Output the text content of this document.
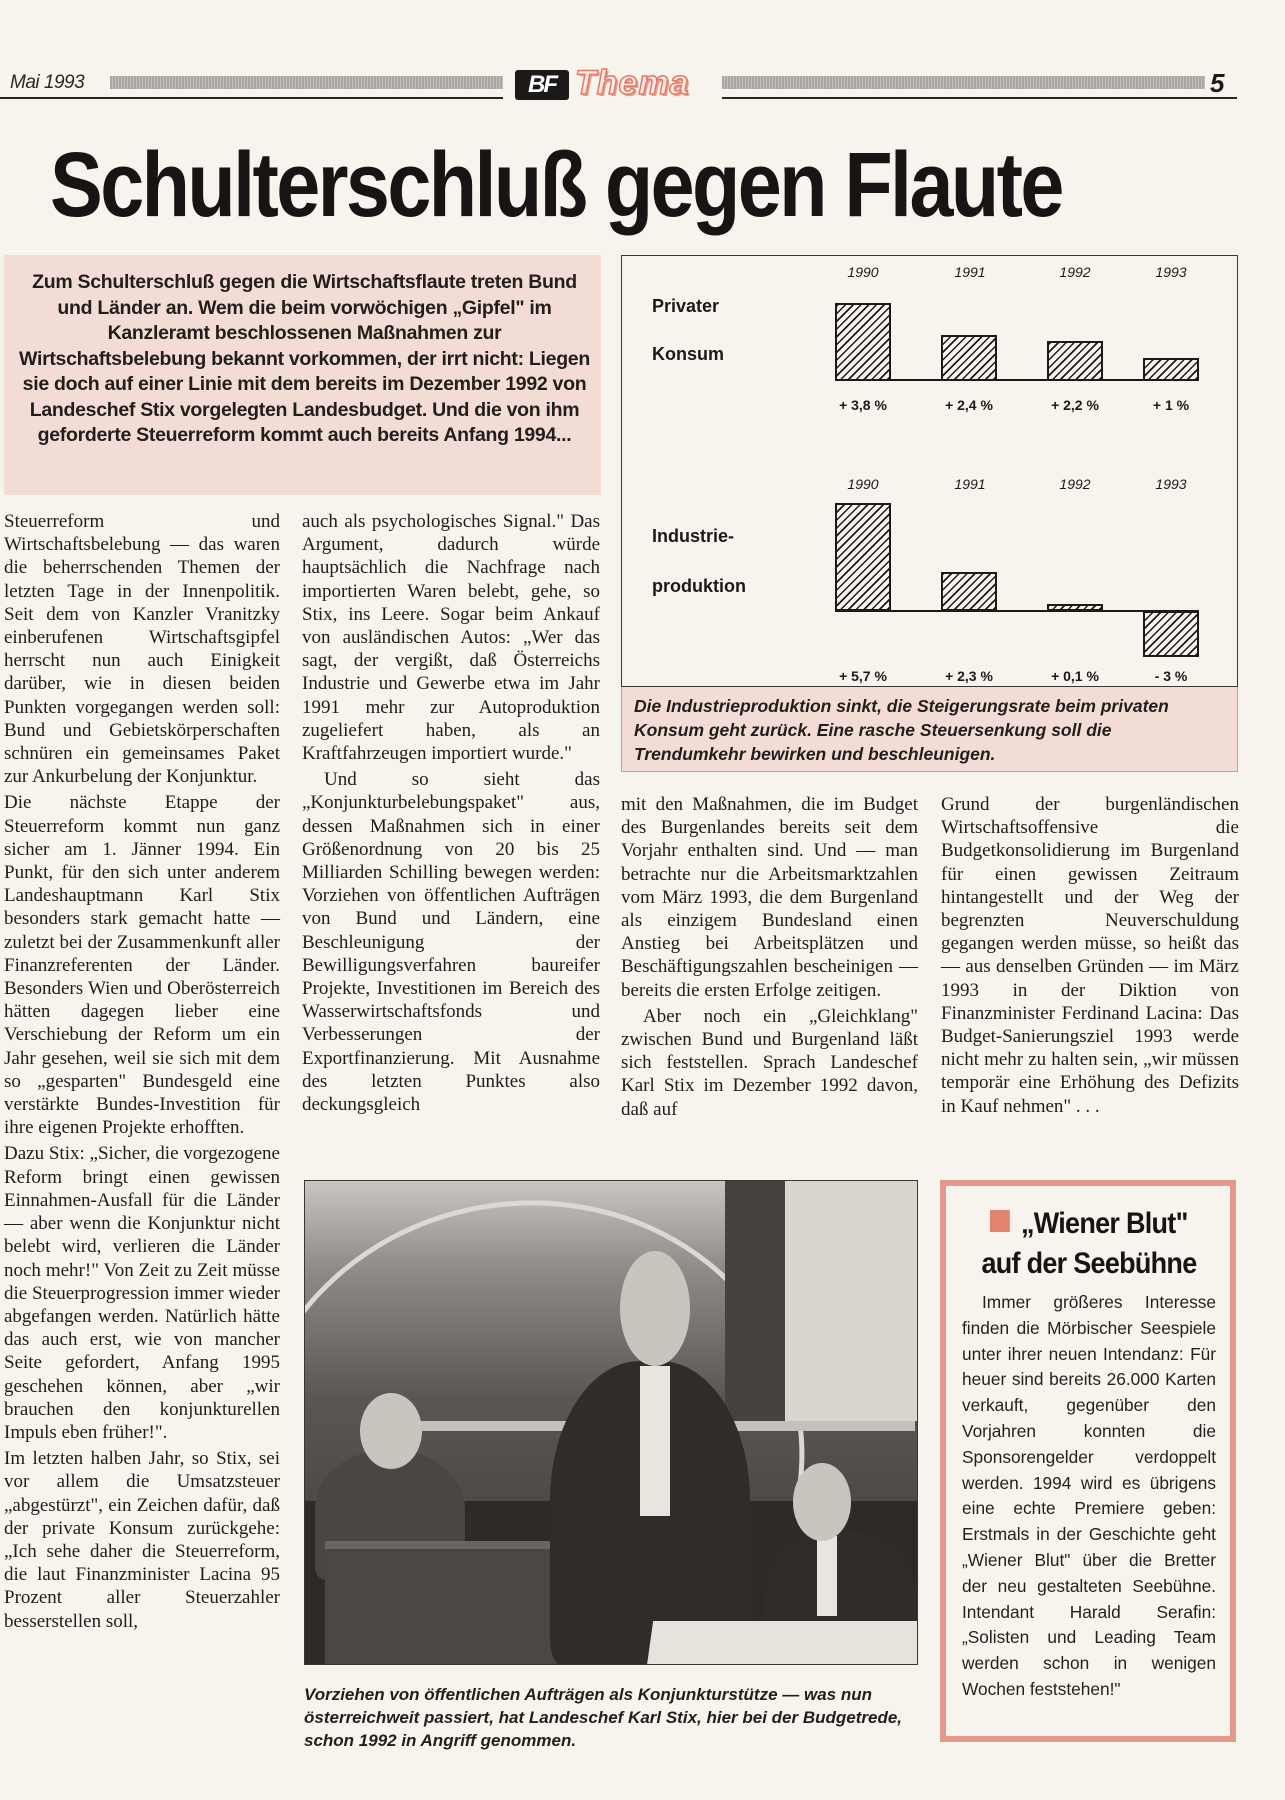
Mai 1993	BF Thema	5
Schulterschluß gegen Flaute

Zum Schulterschluß gegen die Wirtschaftsflaute treten Bund und Länder an. Wem die beim vorwöchigen „Gipfel" im Kanzleramt beschlossenen Maßnahmen zur Wirtschaftsbelebung bekannt vorkommen, der irrt nicht: Liegen sie doch auf einer Linie mit dem bereits im Dezember 1992 von Landeschef Stix vorgelegten Landesbudget. Und die von ihm geforderte Steuerreform kommt auch bereits Anfang 1994...

Privater
Konsum
1990	1991	1992	1993
+ 3,8 %	+ 2,4 %	+ 2,2 %	+ 1 %
Industrie-
produktion
1990	1991	1992	1993
+ 5,7 %	+ 2,3 %	+ 0,1 %	- 3 %
Die Industrieproduktion sinkt, die Steigerungsrate beim privaten Konsum geht zurück. Eine rasche Steuersenkung soll die Trendumkehr bewirken und beschleunigen.

Steuerreform und Wirtschaftsbelebung — das waren die beherrschenden Themen der letzten Tage in der Innenpolitik. Seit dem von Kanzler Vranitzky einberufenen Wirtschaftsgipfel herrscht nun auch Einigkeit darüber, wie in diesen beiden Punkten vorgegangen werden soll: Bund und Gebietskörperschaften schnüren ein gemeinsames Paket zur Ankurbelung der Konjunktur.

Die nächste Etappe der Steuerreform kommt nun ganz sicher am 1. Jänner 1994. Ein Punkt, für den sich unter anderem Landeshauptmann Karl Stix besonders stark gemacht hatte — zuletzt bei der Zusammenkunft aller Finanzreferenten der Länder. Besonders Wien und Oberösterreich hätten dagegen lieber eine Verschiebung der Reform um ein Jahr gesehen, weil sie sich mit dem so „gesparten" Bundesgeld eine verstärkte Bundes-Investition für ihre eigenen Projekte erhofften.

Dazu Stix: „Sicher, die vorgezogene Reform bringt einen gewissen Einnahmen-Ausfall für die Länder — aber wenn die Konjunktur nicht belebt wird, verlieren die Länder noch mehr!" Von Zeit zu Zeit müsse die Steuerprogression immer wieder abgefangen werden. Natürlich hätte das auch erst, wie von mancher Seite gefordert, Anfang 1995 geschehen können, aber „wir brauchen den konjunkturellen Impuls eben früher!".

Im letzten halben Jahr, so Stix, sei vor allem die Umsatzsteuer „abgestürzt", ein Zeichen dafür, daß der private Konsum zurückgehe: „Ich sehe daher die Steuerreform, die laut Finanzminister Lacina 95 Prozent aller Steuerzahler besserstellen soll,

auch als psychologisches Signal." Das Argument, dadurch würde hauptsächlich die Nachfrage nach importierten Waren belebt, gehe, so Stix, ins Leere. Sogar beim Ankauf von ausländischen Autos: „Wer das sagt, der vergißt, daß Österreichs Industrie und Gewerbe etwa im Jahr 1991 mehr zur Autoproduktion zugeliefert haben, als an Kraftfahrzeugen importiert wurde."

Und so sieht das „Konjunkturbelebungspaket" aus, dessen Maßnahmen sich in einer Größenordnung von 20 bis 25 Milliarden Schilling bewegen werden: Vorziehen von öffentlichen Aufträgen von Bund und Ländern, eine Beschleunigung der Bewilligungsverfahren baureifer Projekte, Investitionen im Bereich des Wasserwirtschaftsfonds und Verbesserungen der Exportfinanzierung. Mit Ausnahme des letzten Punktes also deckungsgleich

mit den Maßnahmen, die im Budget des Burgenlandes bereits seit dem Vorjahr enthalten sind. Und — man betrachte nur die Arbeitsmarktzahlen vom März 1993, die dem Burgenland als einzigem Bundesland einen Anstieg bei Arbeitsplätzen und Beschäftigungszahlen bescheinigen — bereits die ersten Erfolge zeitigen.

Aber noch ein „Gleichklang" zwischen Bund und Burgenland läßt sich feststellen. Sprach Landeschef Karl Stix im Dezember 1992 davon, daß auf

Grund der burgenländischen Wirtschaftsoffensive die Budgetkonsolidierung im Burgenland für einen gewissen Zeitraum hintangestellt und der Weg der begrenzten Neuverschuldung gegangen werden müsse, so heißt das — aus denselben Gründen — im März 1993 in der Diktion von Finanzminister Ferdinand Lacina: Das Budget-Sanierungsziel 1993 werde nicht mehr zu halten sein, „wir müssen temporär eine Erhöhung des Defizits in Kauf nehmen" . . .

Vorziehen von öffentlichen Aufträgen als Konjunkturstütze — was nun österreichweit passiert, hat Landeschef Karl Stix, hier bei der Budgetrede, schon 1992 in Angriff genommen.
„Wiener Blut"
auf der Seebühne

Immer größeres Interesse finden die Mörbischer Seespiele unter ihrer neuen Intendanz: Für heuer sind bereits 26.000 Karten verkauft, gegenüber den Vorjahren konnten die Sponsorengelder verdoppelt werden. 1994 wird es übrigens eine echte Premiere geben: Erstmals in der Geschichte geht „Wiener Blut" über die Bretter der neu gestalteten Seebühne. Intendant Harald Serafin: „Solisten und Leading Team werden schon in wenigen Wochen feststehen!"
